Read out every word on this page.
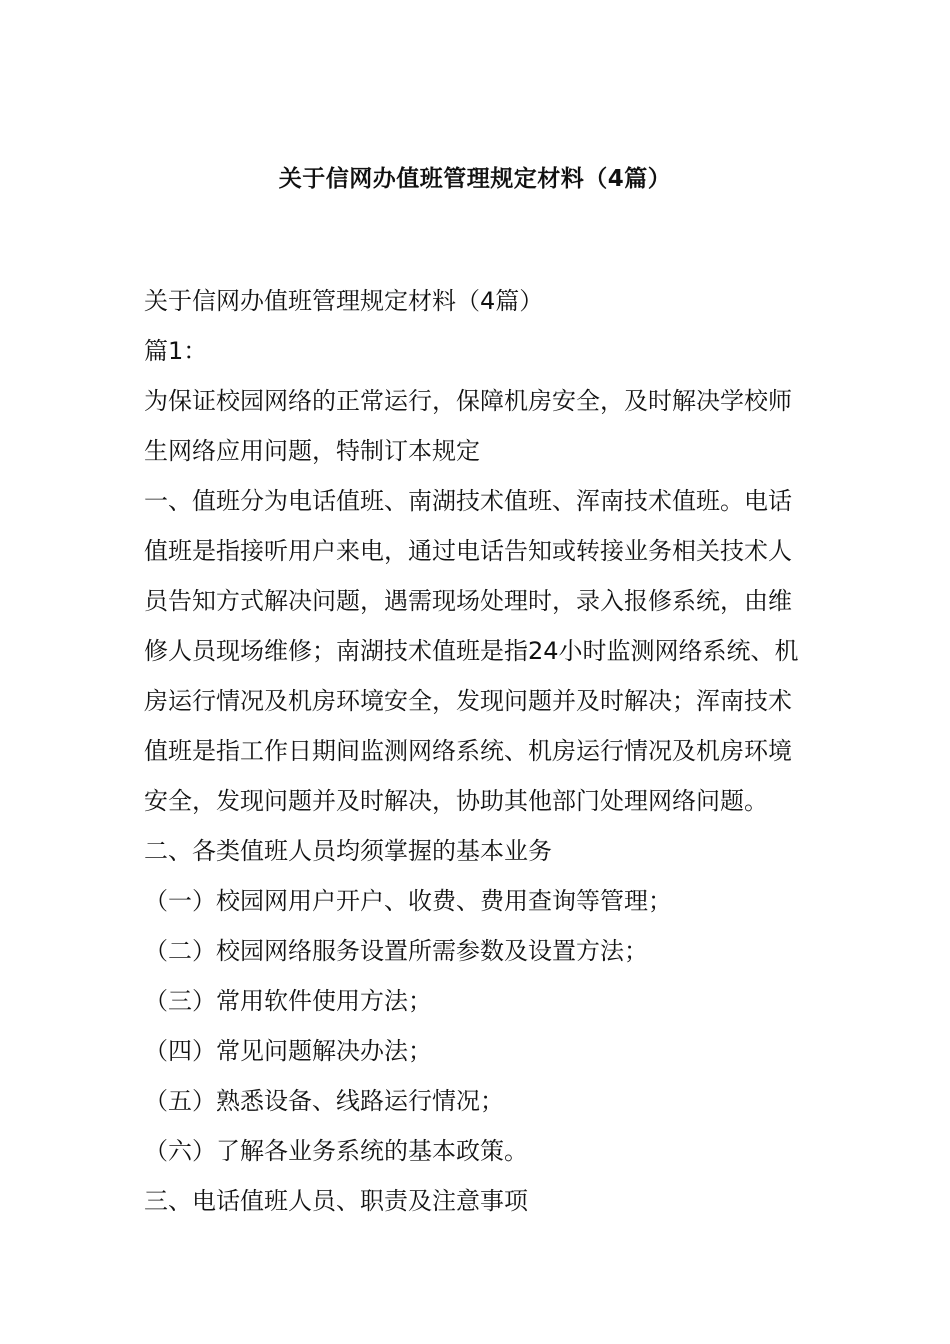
关于信网办值班管理规定材料（4篇）
关于信网办值班管理规定材料（4篇）
篇1：
为保证校园网络的正常运行，保障机房安全，及时解决学校师
生网络应用问题，特制订本规定
一、值班分为电话值班、南湖技术值班、浑南技术值班。电话
值班是指接听用户来电，通过电话告知或转接业务相关技术人
员告知方式解决问题，遇需现场处理时，录入报修系统，由维
修人员现场维修；南湖技术值班是指24小时监测网络系统、机
房运行情况及机房环境安全，发现问题并及时解决；浑南技术
值班是指工作日期间监测网络系统、机房运行情况及机房环境
安全，发现问题并及时解决，协助其他部门处理网络问题。
二、各类值班人员均须掌握的基本业务
（一）校园网用户开户、收费、费用查询等管理；
（二）校园网络服务设置所需参数及设置方法；
（三）常用软件使用方法；
（四）常见问题解决办法；
（五）熟悉设备、线路运行情况；
（六）了解各业务系统的基本政策。
三、电话值班人员、职责及注意事项
